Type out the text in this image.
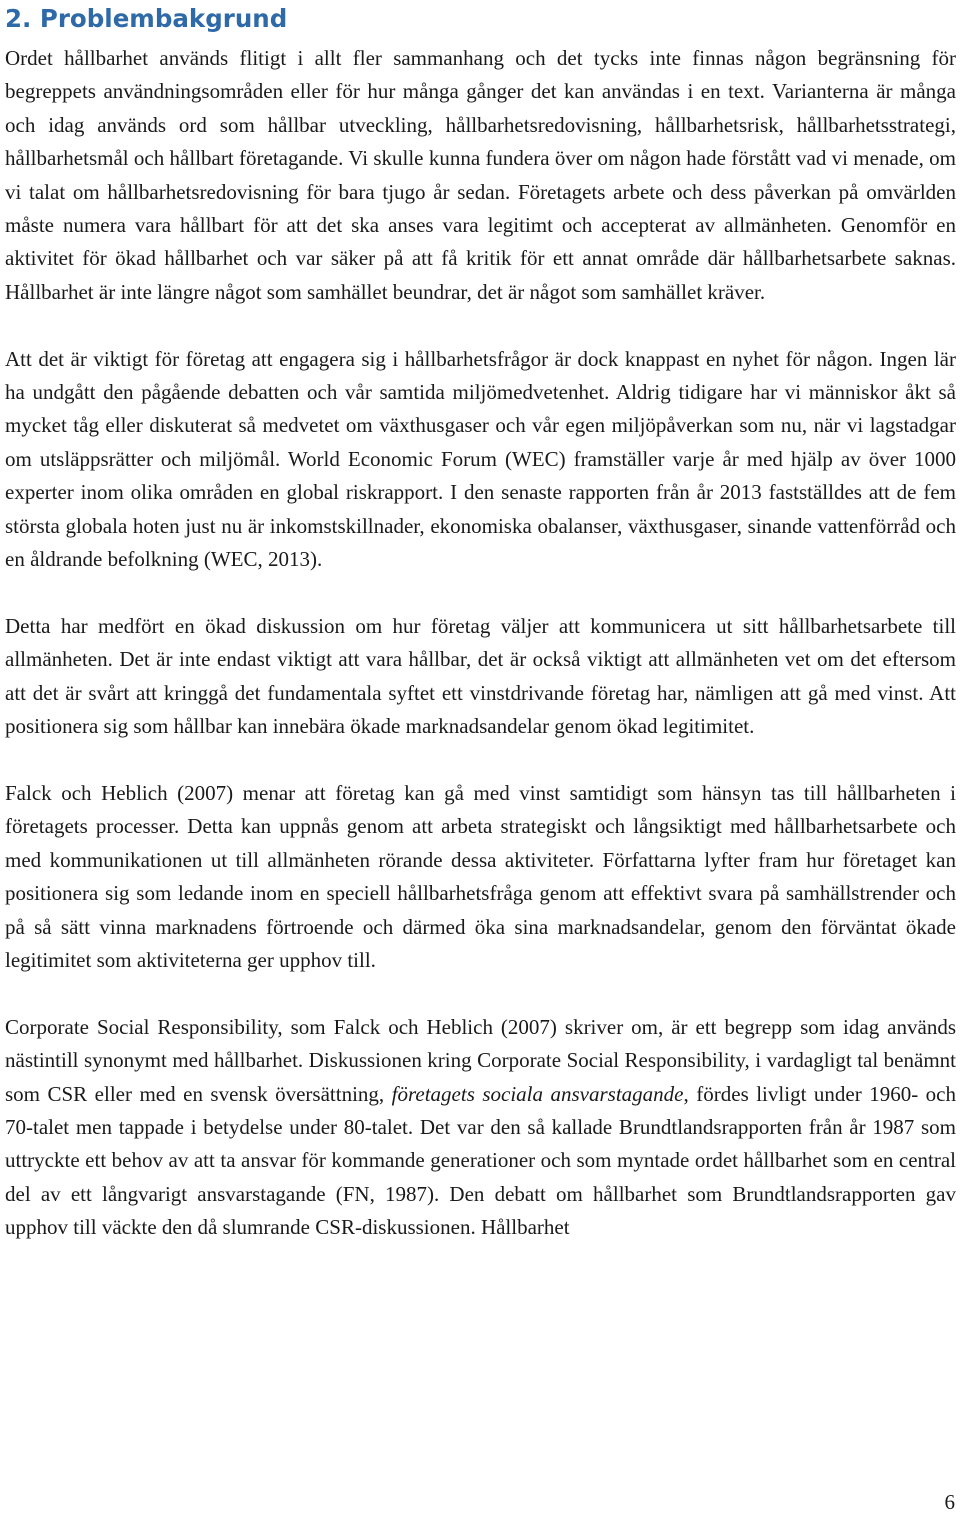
2. Problembakgrund

Ordet hållbarhet används flitigt i allt fler sammanhang och det tycks inte finnas någon begränsning för begreppets användningsområden eller för hur många gånger det kan användas i en text. Varianterna är många och idag används ord som hållbar utveckling, hållbarhetsredovisning, hållbarhetsrisk, hållbarhetsstrategi, hållbarhetsmål och hållbart företagande. Vi skulle kunna fundera över om någon hade förstått vad vi menade, om vi talat om hållbarhetsredovisning för bara tjugo år sedan. Företagets arbete och dess påverkan på omvärlden måste numera vara hållbart för att det ska anses vara legitimt och accepterat av allmänheten. Genomför en aktivitet för ökad hållbarhet och var säker på att få kritik för ett annat område där hållbarhetsarbete saknas. Hållbarhet är inte längre något som samhället beundrar, det är något som samhället kräver.

Att det är viktigt för företag att engagera sig i hållbarhetsfrågor är dock knappast en nyhet för någon. Ingen lär ha undgått den pågående debatten och vår samtida miljömedvetenhet. Aldrig tidigare har vi människor åkt så mycket tåg eller diskuterat så medvetet om växthusgaser och vår egen miljöpåverkan som nu, när vi lagstadgar om utsläppsrätter och miljömål. World Economic Forum (WEC) framställer varje år med hjälp av över 1000 experter inom olika områden en global riskrapport. I den senaste rapporten från år 2013 fastställdes att de fem största globala hoten just nu är inkomstskillnader, ekonomiska obalanser, växthusgaser, sinande vattenförråd och en åldrande befolkning (WEC, 2013).

Detta har medfört en ökad diskussion om hur företag väljer att kommunicera ut sitt hållbarhetsarbete till allmänheten. Det är inte endast viktigt att vara hållbar, det är också viktigt att allmänheten vet om det eftersom att det är svårt att kringgå det fundamentala syftet ett vinstdrivande företag har, nämligen att gå med vinst. Att positionera sig som hållbar kan innebära ökade marknadsandelar genom ökad legitimitet.

Falck och Heblich (2007) menar att företag kan gå med vinst samtidigt som hänsyn tas till hållbarheten i företagets processer. Detta kan uppnås genom att arbeta strategiskt och långsiktigt med hållbarhetsarbete och med kommunikationen ut till allmänheten rörande dessa aktiviteter. Författarna lyfter fram hur företaget kan positionera sig som ledande inom en speciell hållbarhetsfråga genom att effektivt svara på samhällstrender och på så sätt vinna marknadens förtroende och därmed öka sina marknadsandelar, genom den förväntat ökade legitimitet som aktiviteterna ger upphov till.

Corporate Social Responsibility, som Falck och Heblich (2007) skriver om, är ett begrepp som idag används nästintill synonymt med hållbarhet. Diskussionen kring Corporate Social Responsibility, i vardagligt tal benämnt som CSR eller med en svensk översättning, företagets sociala ansvarstagande, fördes livligt under 1960- och 70-talet men tappade i betydelse under 80-talet. Det var den så kallade Brundtlandsrapporten från år 1987 som uttryckte ett behov av att ta ansvar för kommande generationer och som myntade ordet hållbarhet som en central del av ett långvarigt ansvarstagande (FN, 1987). Den debatt om hållbarhet som Brundtlandsrapporten gav upphov till väckte den då slumrande CSR-diskussionen. Hållbarhet

6
